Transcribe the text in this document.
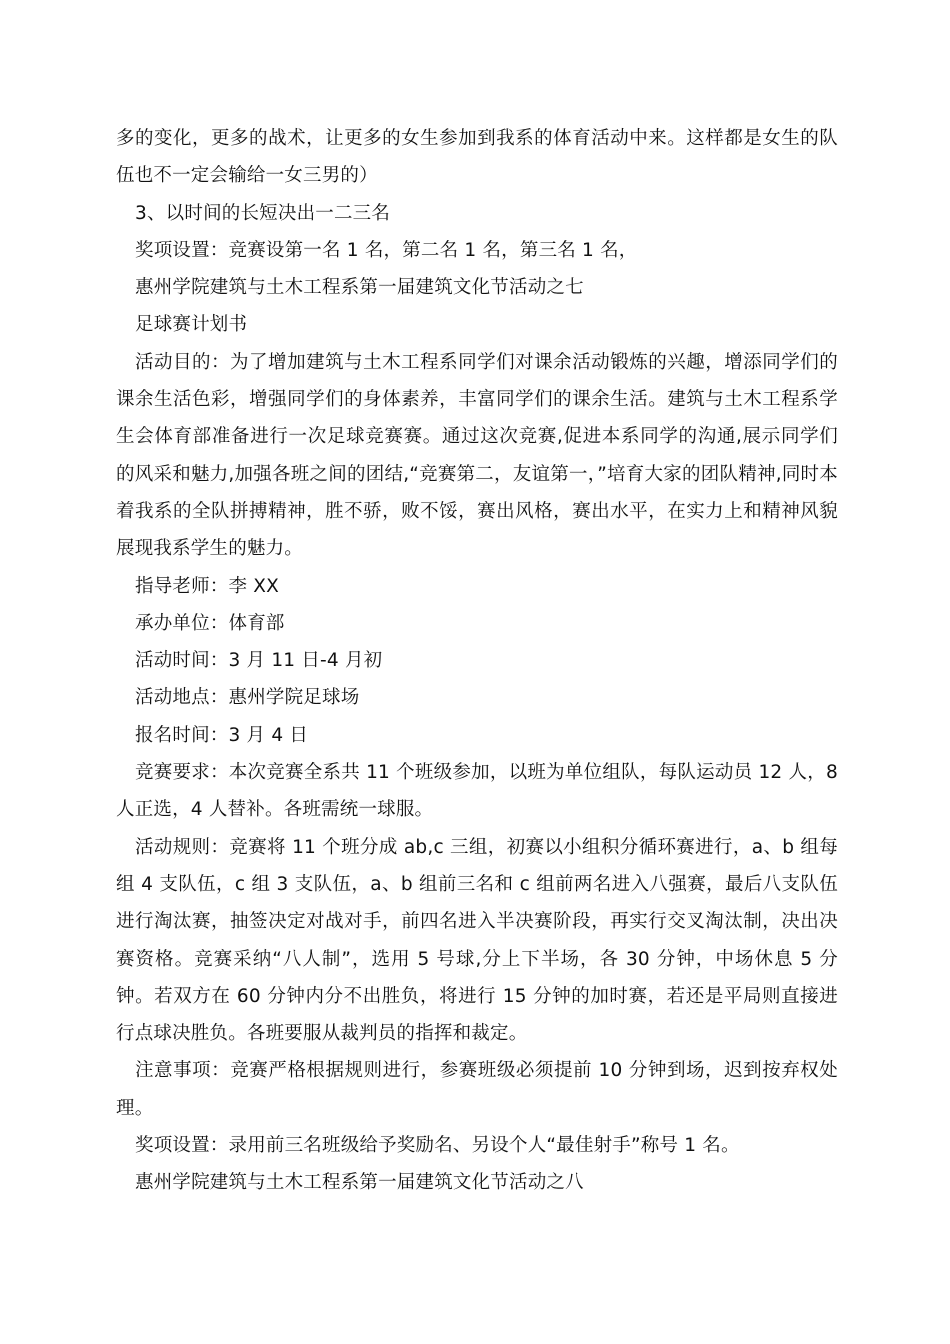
多的变化，更多的战术，让更多的女生参加到我系的体育活动中来。这样都是女生的队伍也不一定会输给一女三男的）

3、以时间的长短决出一二三名

奖项设置：竞赛设第一名 1 名，第二名 1 名，第三名 1 名，

惠州学院建筑与土木工程系第一届建筑文化节活动之七

足球赛计划书

活动目的：为了增加建筑与土木工程系同学们对课余活动锻炼的兴趣，增添同学们的课余生活色彩，增强同学们的身体素养，丰富同学们的课余生活。建筑与土木工程系学生会体育部准备进行一次足球竞赛赛。通过这次竞赛,促进本系同学的沟通,展示同学们的风采和魅力,加强各班之间的团结,“竞赛第二，友谊第一，”培育大家的团队精神,同时本着我系的全队拼搏精神，胜不骄，败不馁，赛出风格，赛出水平，在实力上和精神风貌展现我系学生的魅力。

指导老师：李 XX

承办单位：体育部

活动时间：3 月 11 日-4 月初

活动地点：惠州学院足球场

报名时间：3 月 4 日

竞赛要求：本次竞赛全系共 11 个班级参加，以班为单位组队，每队运动员 12 人，8 人正选，4 人替补。各班需统一球服。

活动规则：竞赛将 11 个班分成 ab,c 三组，初赛以小组积分循环赛进行，a、b 组每组 4 支队伍，c 组 3 支队伍，a、b 组前三名和 c 组前两名进入八强赛，最后八支队伍进行淘汰赛，抽签决定对战对手，前四名进入半决赛阶段，再实行交叉淘汰制，决出决赛资格。竞赛采纳“八人制”，选用 5 号球,分上下半场，各 30 分钟，中场休息 5 分钟。若双方在 60 分钟内分不出胜负，将进行 15 分钟的加时赛，若还是平局则直接进行点球决胜负。各班要服从裁判员的指挥和裁定。

注意事项：竞赛严格根据规则进行，参赛班级必须提前 10 分钟到场，迟到按弃权处理。

奖项设置：录用前三名班级给予奖励名、另设个人“最佳射手”称号 1 名。

惠州学院建筑与土木工程系第一届建筑文化节活动之八
